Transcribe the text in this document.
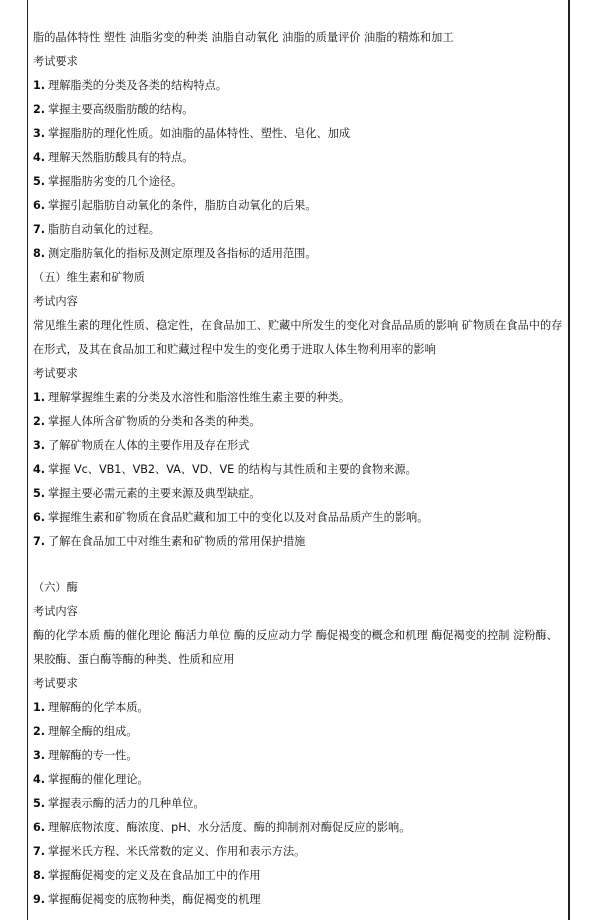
脂的晶体特性 塑性 油脂劣变的种类 油脂自动氧化 油脂的质量评价 油脂的精炼和加工
考试要求
1. 理解脂类的分类及各类的结构特点。
2. 掌握主要高级脂肪酸的结构。
3. 掌握脂肪的理化性质。如油脂的晶体特性、塑性、皂化、加成
4. 理解天然脂肪酸具有的特点。
5. 掌握脂肪劣变的几个途径。
6. 掌握引起脂肪自动氧化的条件，脂肪自动氧化的后果。
7. 脂肪自动氧化的过程。
8. 测定脂肪氧化的指标及测定原理及各指标的适用范围。
（五）维生素和矿物质
考试内容
常见维生素的理化性质、稳定性，在食品加工、贮藏中所发生的变化对食品品质的影响 矿物质在食品中的存在形式，及其在食品加工和贮藏过程中发生的变化勇于进取人体生物利用率的影响
考试要求
1. 理解掌握维生素的分类及水溶性和脂溶性维生素主要的种类。
2. 掌握人体所含矿物质的分类和各类的种类。
3. 了解矿物质在人体的主要作用及存在形式
4. 掌握 Vc、VB1、VB2、VA、VD、VE 的结构与其性质和主要的食物来源。
5. 掌握主要必需元素的主要来源及典型缺症。
6. 掌握维生素和矿物质在食品贮藏和加工中的变化以及对食品品质产生的影响。
7. 了解在食品加工中对维生素和矿物质的常用保护措施
（六）酶
考试内容
酶的化学本质 酶的催化理论 酶活力单位 酶的反应动力学 酶促褐变的概念和机理 酶促褐变的控制 淀粉酶、果胶酶、蛋白酶等酶的种类、性质和应用
考试要求
1. 理解酶的化学本质。
2. 理解全酶的组成。
3. 理解酶的专一性。
4. 掌握酶的催化理论。
5. 掌握表示酶的活力的几种单位。
6. 理解底物浓度、酶浓度、pH、水分活度、酶的抑制剂对酶促反应的影响。
7. 掌握米氏方程、米氏常数的定义、作用和表示方法。
8. 掌握酶促褐变的定义及在食品加工中的作用
9. 掌握酶促褐变的底物种类，酶促褐变的机理
